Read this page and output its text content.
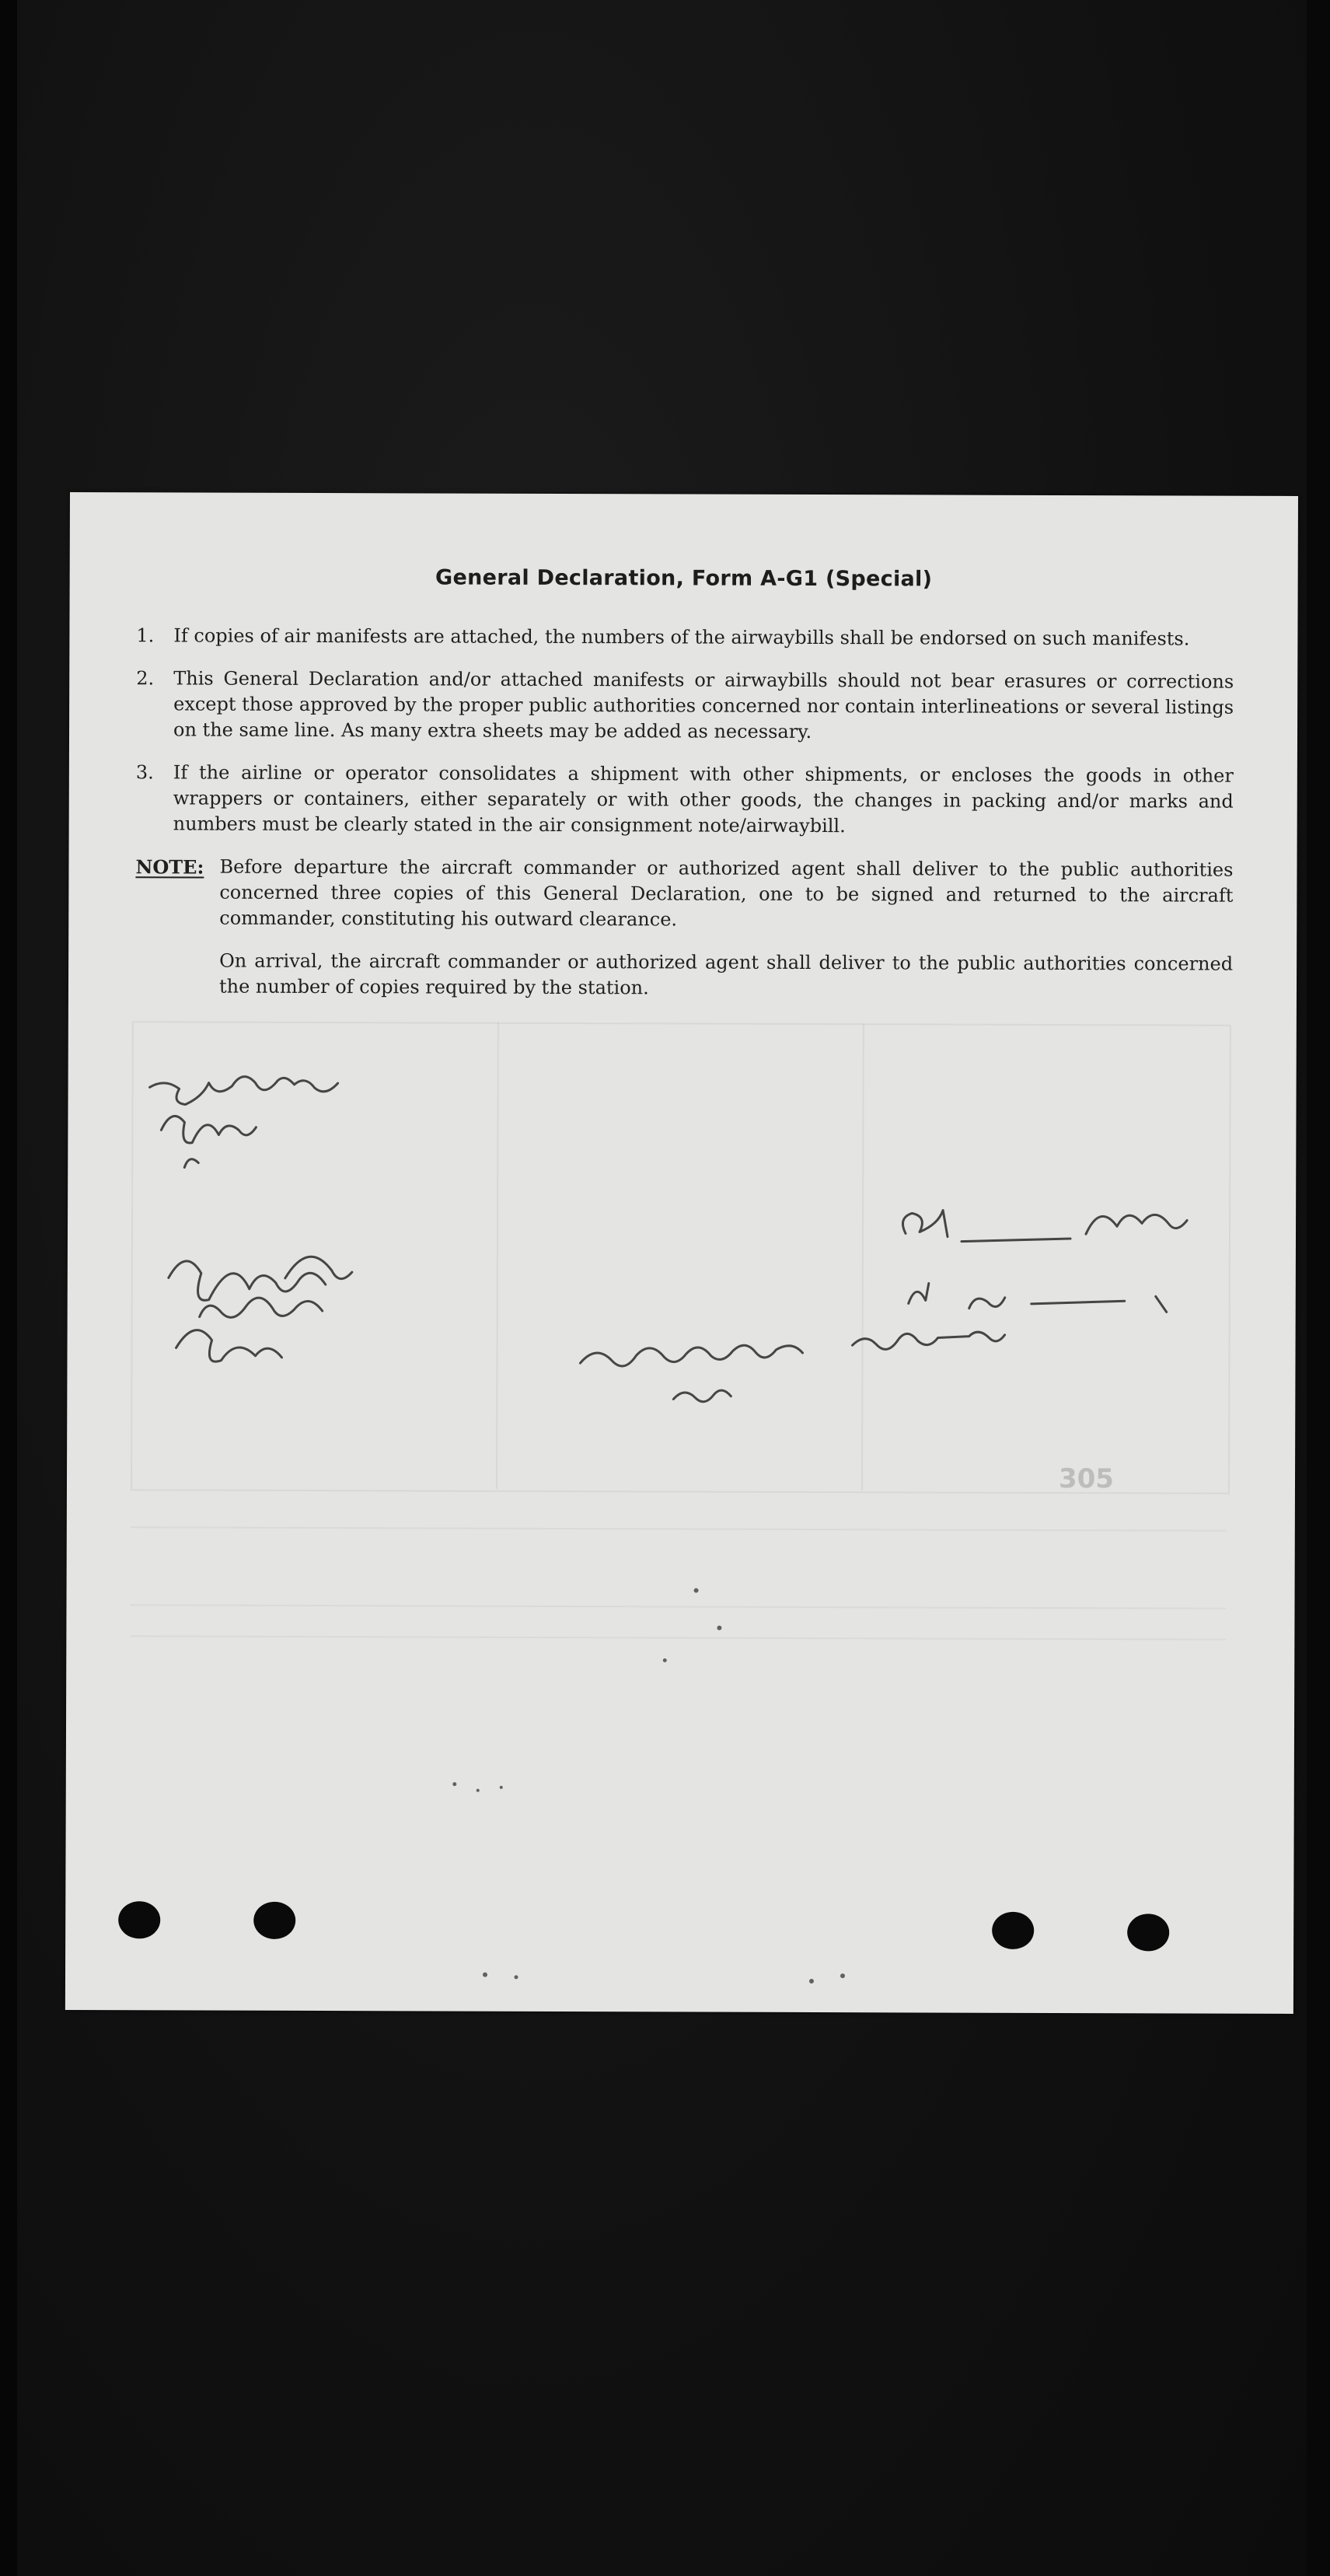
General Declaration, Form A-G1 (Special)
1. If copies of air manifests are attached, the numbers of the airwaybills shall be endorsed on such manifests.
2. This General Declaration and/or attached manifests or airwaybills should not bear erasures or corrections except those approved by the proper public authorities concerned nor contain interlineations or several listings on the same line. As many extra sheets may be added as necessary.
3. If the airline or operator consolidates a shipment with other shipments, or encloses the goods in other wrappers or containers, either separately or with other goods, the changes in packing and/or marks and numbers must be clearly stated in the air consignment note/airwaybill.
NOTE: Before departure the aircraft commander or authorized agent shall deliver to the public authorities concerned three copies of this General Declaration, one to be signed and returned to the aircraft commander, constituting his outward clearance.
On arrival, the aircraft commander or authorized agent shall deliver to the public authorities concerned the number of copies required by the station.
305
